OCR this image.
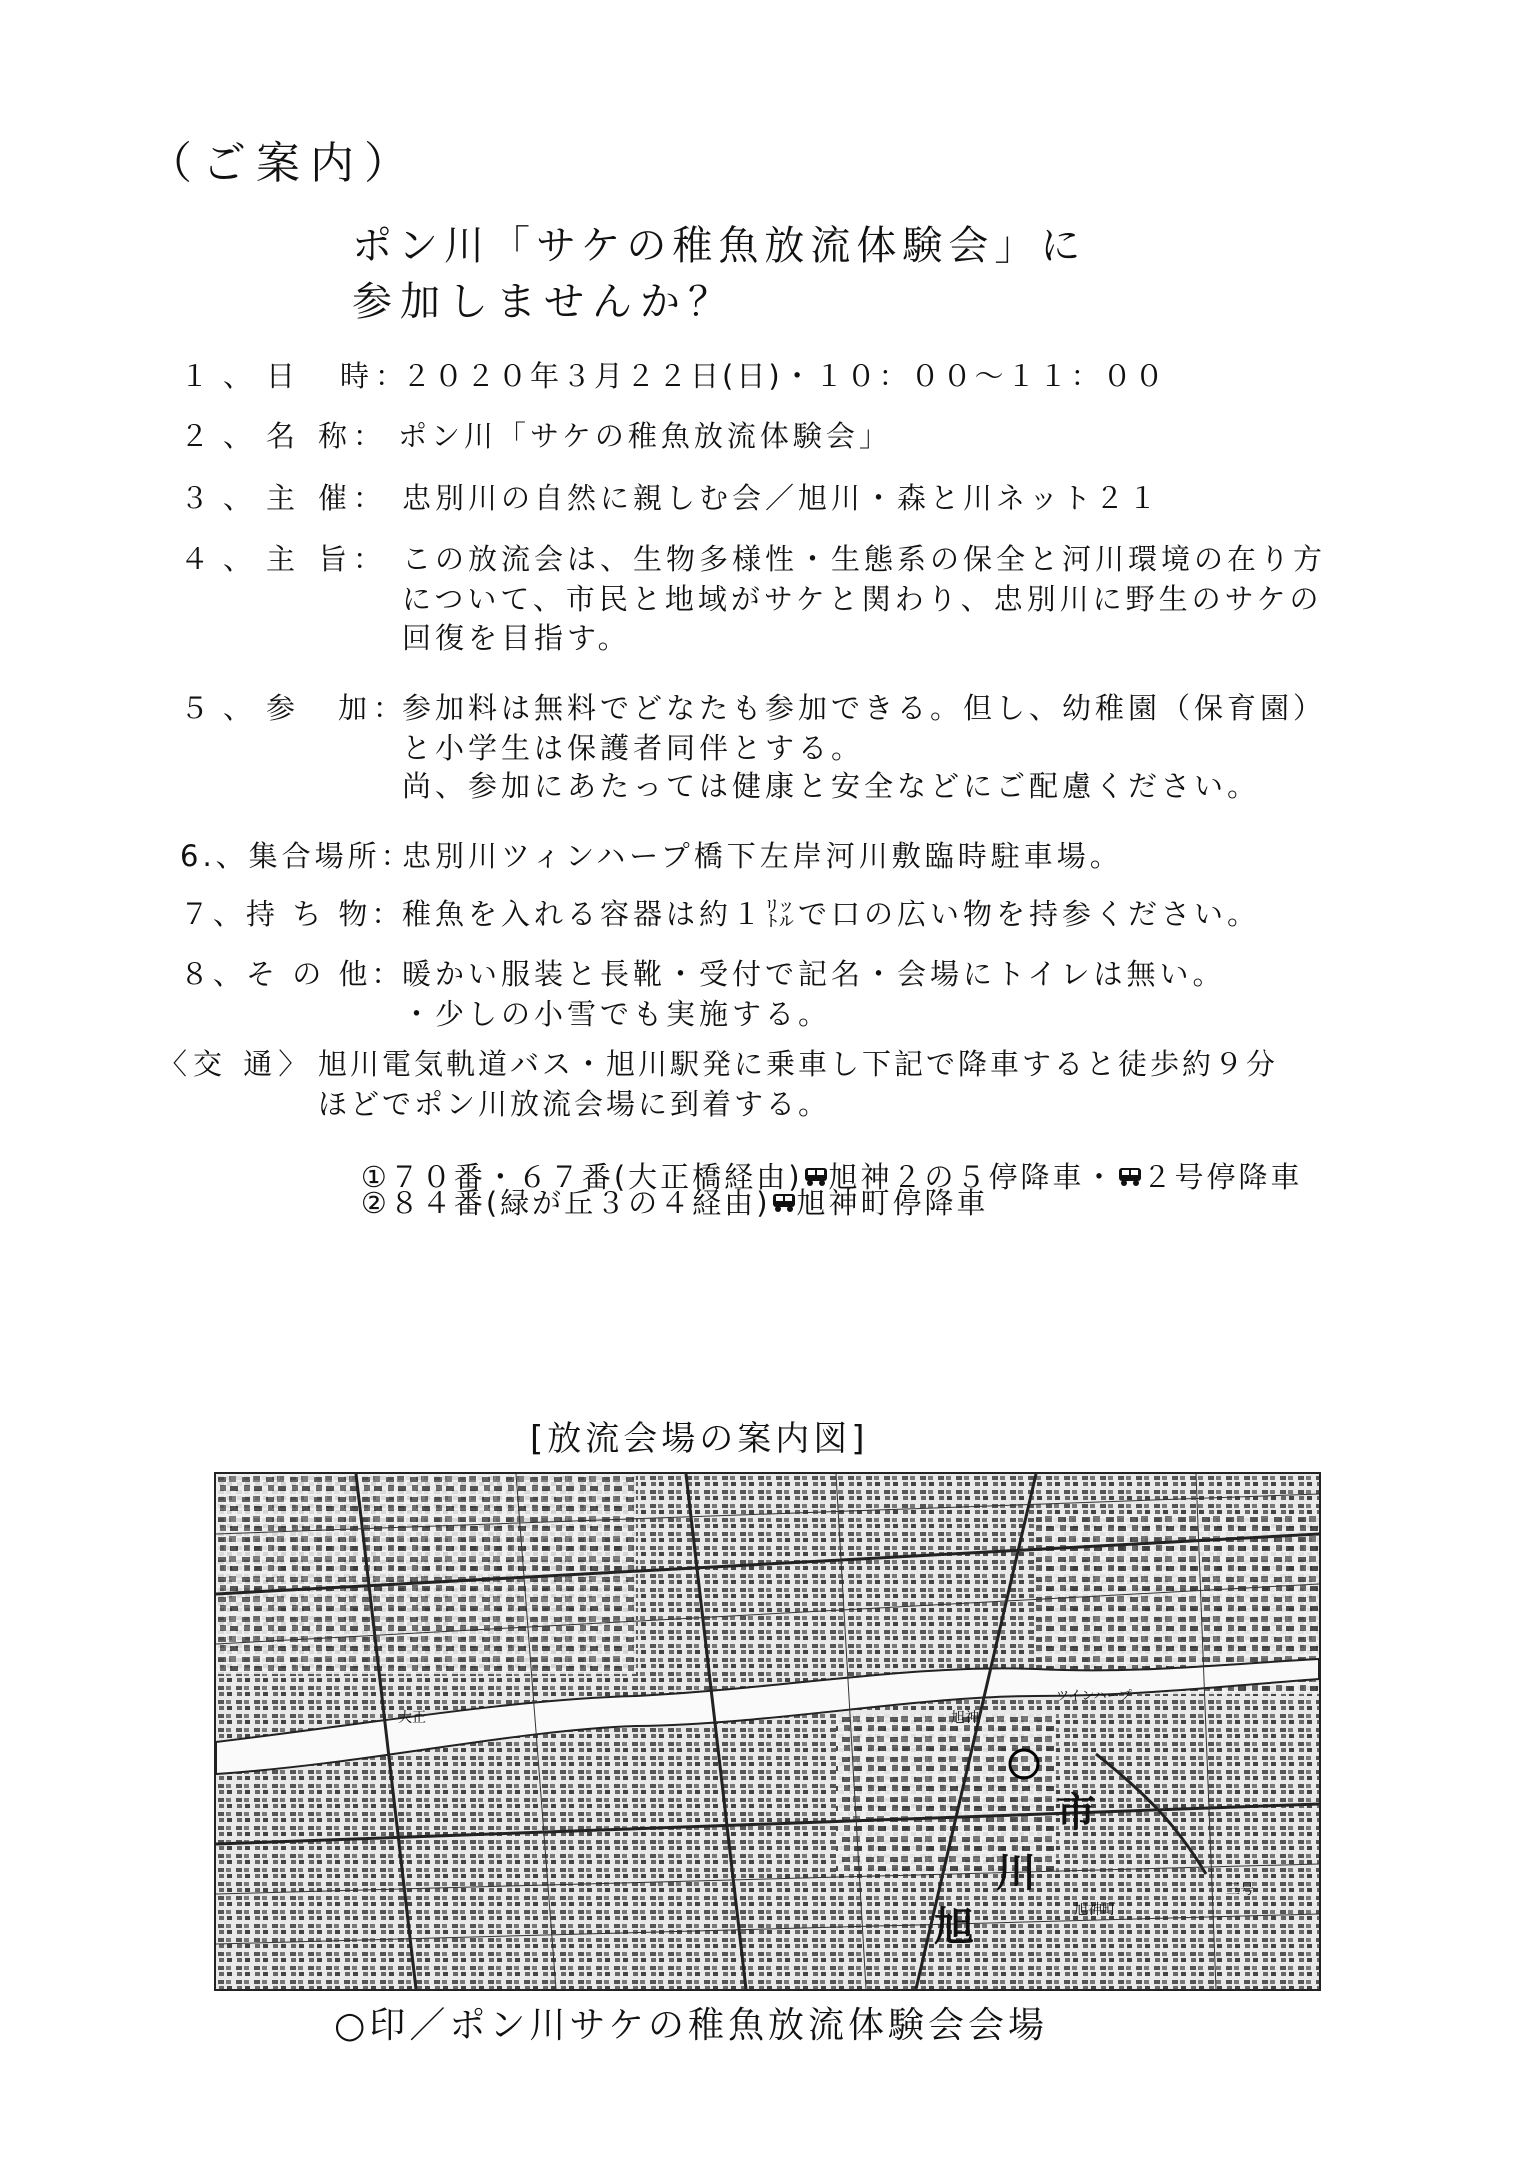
（ご案内）
ポン川「サケの稚魚放流体験会」に
参加しませんか？
１、日 時：
２０２０年３月２２日(日)・１０：００～１１：００
２、名 称： ポン川「サケの稚魚放流体験会」
３、主 催： 忠別川の自然に親しむ会／旭川・森と川ネット２１
４、主 旨： この放流会は、生物多様性・生態系の保全と河川環境の在り方
について、市民と地域がサケと関わり、忠別川に野生のサケの
回復を目指す。
５、参 加：
参加料は無料でどなたも参加できる。但し、幼稚園（保育園）
と小学生は保護者同伴とする。
尚、参加にあたっては健康と安全などにご配慮ください。
6.、集合場所：
忠別川ツィンハープ橋下左岸河川敷臨時駐車場。
７、持 ち 物：
稚魚を入れる容器は約１㍑で口の広い物を持参ください。
８、そ の 他：
暖かい服装と長靴・受付で記名・会場にトイレは無い。
・少しの小雪でも実施する。
〈交 通〉 旭川電気軌道バス・旭川駅発に乗車し下記で降車すると徒歩約９分
ほどでポン川放流会場に到着する。

①７０番・６７番(大正橋経由) 旭神２の５停降車・ ２号停降車

②８４番(緑が丘３の４経由) 旭神町停降車

[放流会場の案内図]
旭
川
市
旭神
旭神町
三号
大正
ツインハープ
○印／ポン川サケの稚魚放流体験会会場
